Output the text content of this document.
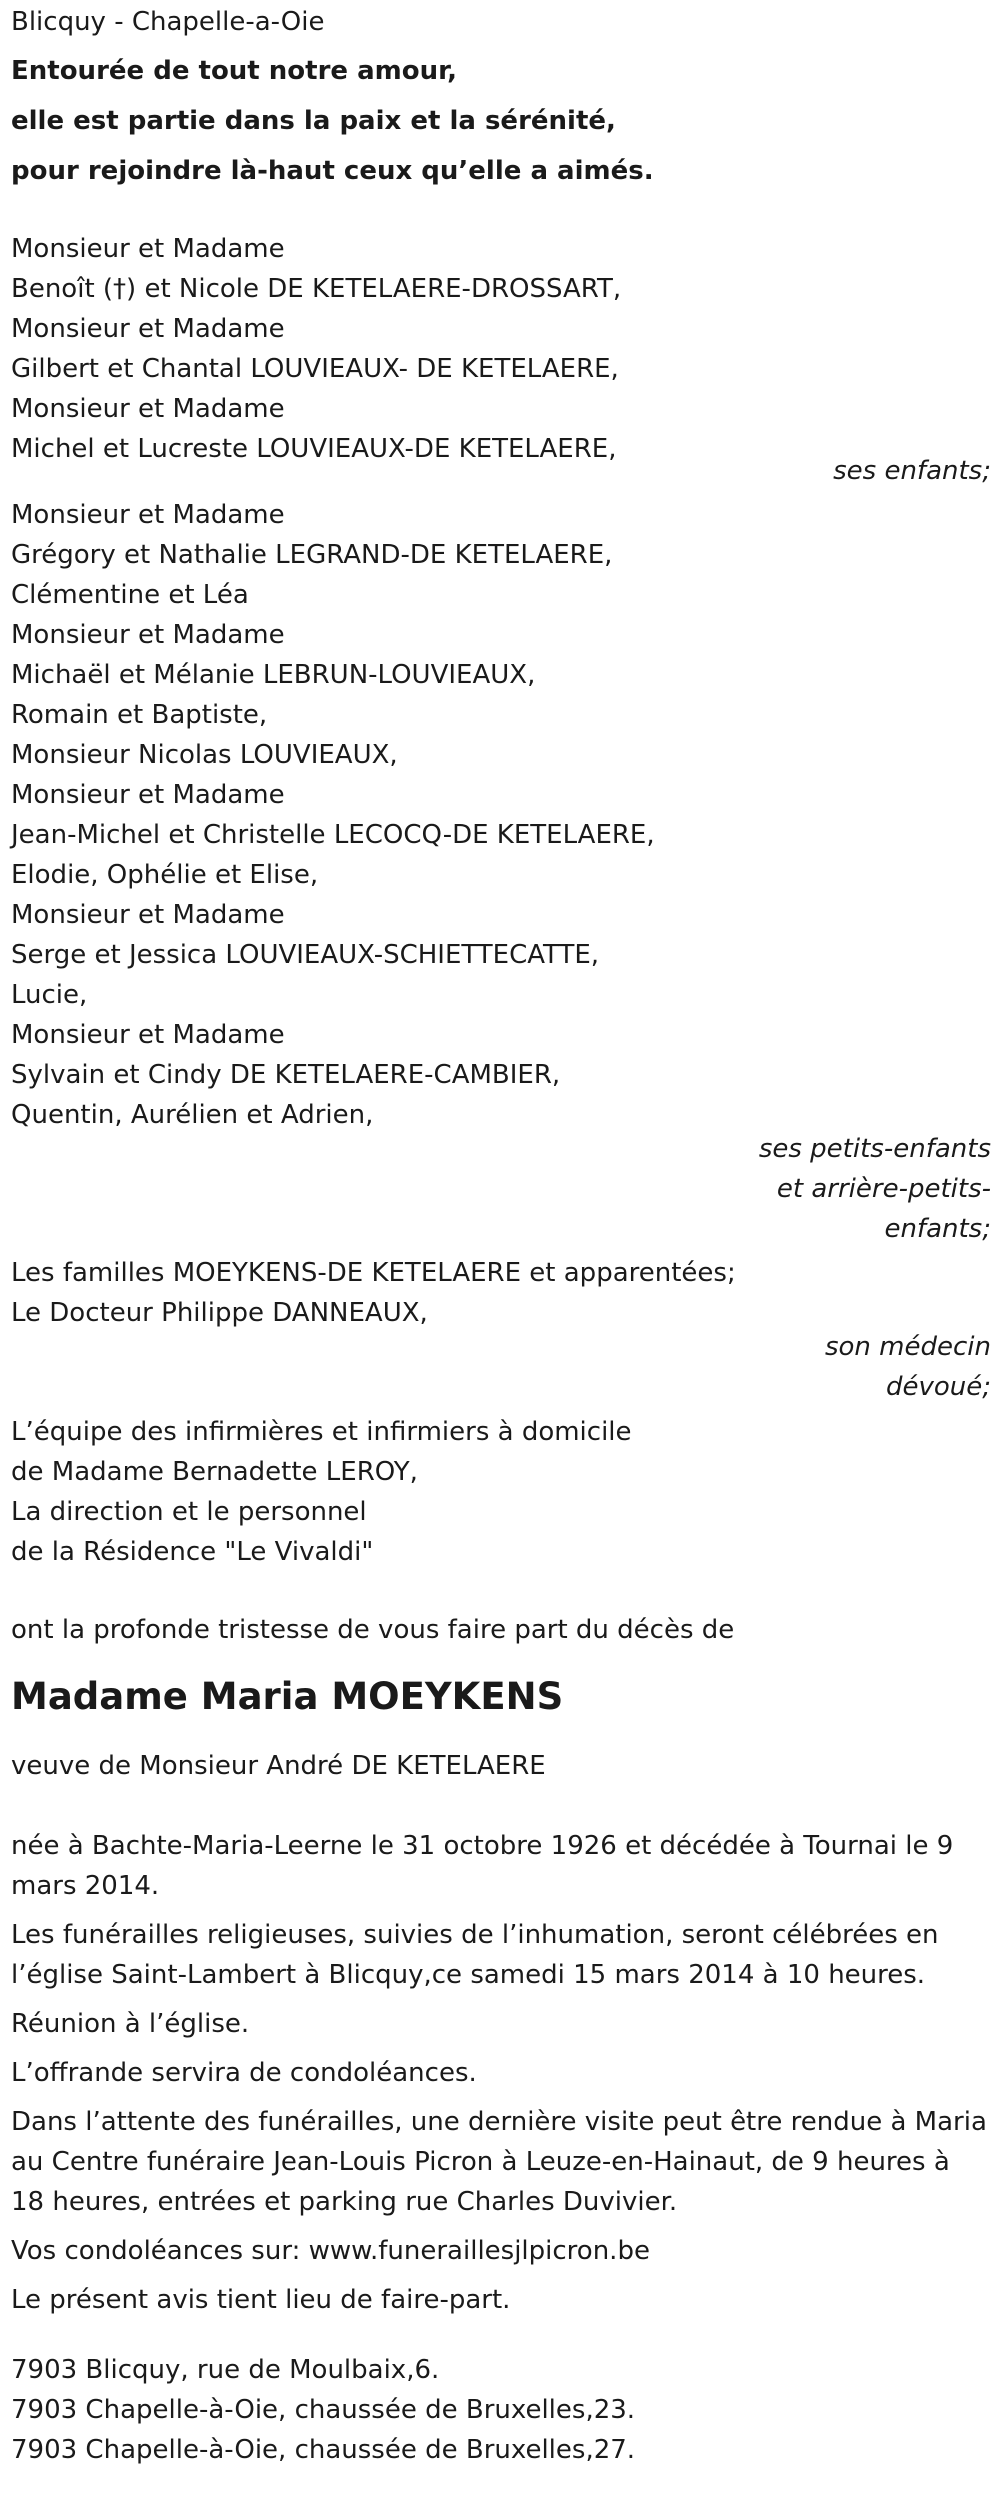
Blicquy - Chapelle-a-Oie
Entourée de tout notre amour,
elle est partie dans la paix et la sérénité,
pour rejoindre là-haut ceux qu’elle a aimés.
Monsieur et Madame
Benoît (†) et Nicole DE KETELAERE-DROSSART,
Monsieur et Madame
Gilbert et Chantal LOUVIEAUX- DE KETELAERE,
Monsieur et Madame
Michel et Lucreste LOUVIEAUX-DE KETELAERE,
ses enfants;
Monsieur et Madame
Grégory et Nathalie LEGRAND-DE KETELAERE,
Clémentine et Léa
Monsieur et Madame
Michaël et Mélanie LEBRUN-LOUVIEAUX,
Romain et Baptiste,
Monsieur Nicolas LOUVIEAUX,
Monsieur et Madame
Jean-Michel et Christelle LECOCQ-DE KETELAERE,
Elodie, Ophélie et Elise,
Monsieur et Madame
Serge et Jessica LOUVIEAUX-SCHIETTECATTE,
Lucie,
Monsieur et Madame
Sylvain et Cindy DE KETELAERE-CAMBIER,
Quentin, Aurélien et Adrien,
ses petits-enfants
et arrière-petits-
enfants;
Les familles MOEYKENS-DE KETELAERE et apparentées;
Le Docteur Philippe DANNEAUX,
son médecin
dévoué;
L’équipe des infirmières et infirmiers à domicile
de Madame Bernadette LEROY,
La direction et le personnel
de la Résidence "Le Vivaldi"
ont la profonde tristesse de vous faire part du décès de
Madame Maria MOEYKENS
veuve de Monsieur André DE KETELAERE
née à Bachte-Maria-Leerne le 31 octobre 1926 et décédée à Tournai le 9 mars 2014.
Les funérailles religieuses, suivies de l’inhumation, seront célébrées en l’église Saint-Lambert à Blicquy,ce samedi 15 mars 2014 à 10 heures.
Réunion à l’église.
L’offrande servira de condoléances.
Dans l’attente des funérailles, une dernière visite peut être rendue à Maria au Centre funéraire Jean-Louis Picron à Leuze-en-Hainaut, de 9 heures à 18 heures, entrées et parking rue Charles Duvivier.
Vos condoléances sur: www.funeraillesjlpicron.be
Le présent avis tient lieu de faire-part.
7903 Blicquy, rue de Moulbaix,6.
7903 Chapelle-à-Oie, chaussée de Bruxelles,23.
7903 Chapelle-à-Oie, chaussée de Bruxelles,27.
